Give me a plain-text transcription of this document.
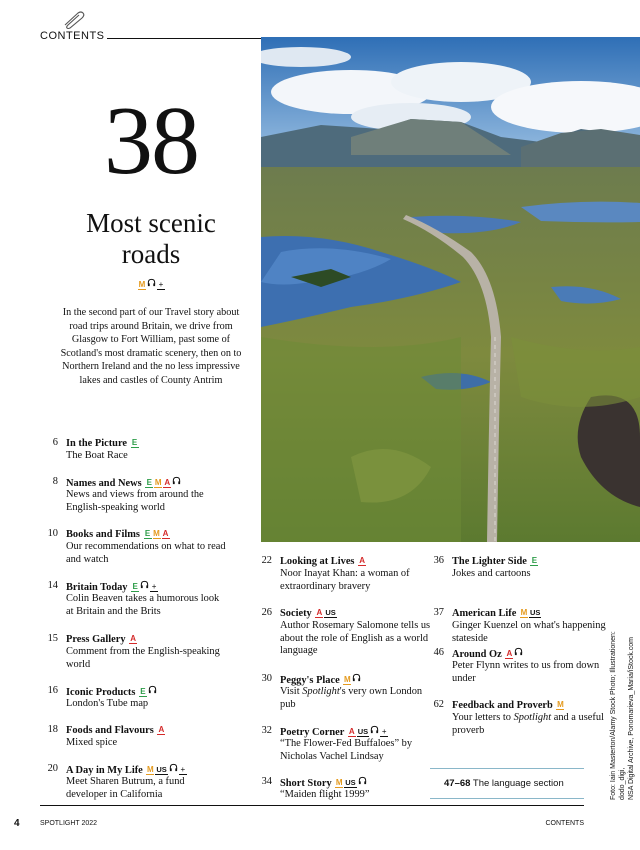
CONTENTS
38
Most scenic
roads
M +
In the second part of our Travel story about road trips around Britain, we drive from Glasgow to Fort William, past some of Scotland's most dramatic scenery, then on to Northern Ireland and the no less impressive lakes and castles of County Antrim
6 In the Picture E
The Boat Race
8 Names and News E M A
News and views from around the English-speaking world
10 Books and Films E M A
Our recommendations on what to read and watch
14 Britain Today E +
Colin Beaven takes a humorous look at Britain and the Brits
15 Press Gallery A
Comment from the English-speaking world
16 Iconic Products E
London's Tube map
18 Foods and Flavours A
Mixed spice
20 A Day in My Life M US +
Meet Sharen Butrum, a fund developer in California
22 Looking at Lives A
Noor Inayat Khan: a woman of extraordinary bravery
26 Society A US
Author Rosemary Salomone tells us about the role of English as a world language
30 Peggy's Place M
Visit Spotlight's very own London pub
32 Poetry Corner A US +
“The Flower-Fed Buffaloes” by Nicholas Vachel Lindsay
34 Short Story M US
“Maiden flight 1999”
36 The Lighter Side E
Jokes and cartoons
37 American Life M US
Ginger Kuenzel on what's happening stateside
46 Around Oz A
Peter Flynn writes to us from down under
62 Feedback and Proverb M
Your letters to Spotlight and a useful proverb
47–68 The language section	Foto: Iain Masterton/Alamy Stock Photo; Illustrationen: dodo_digi, NSA Digital Archive, Ponomarieva_Maria/iStock.com
4	SPOTLIGHT 2022	CONTENTS
